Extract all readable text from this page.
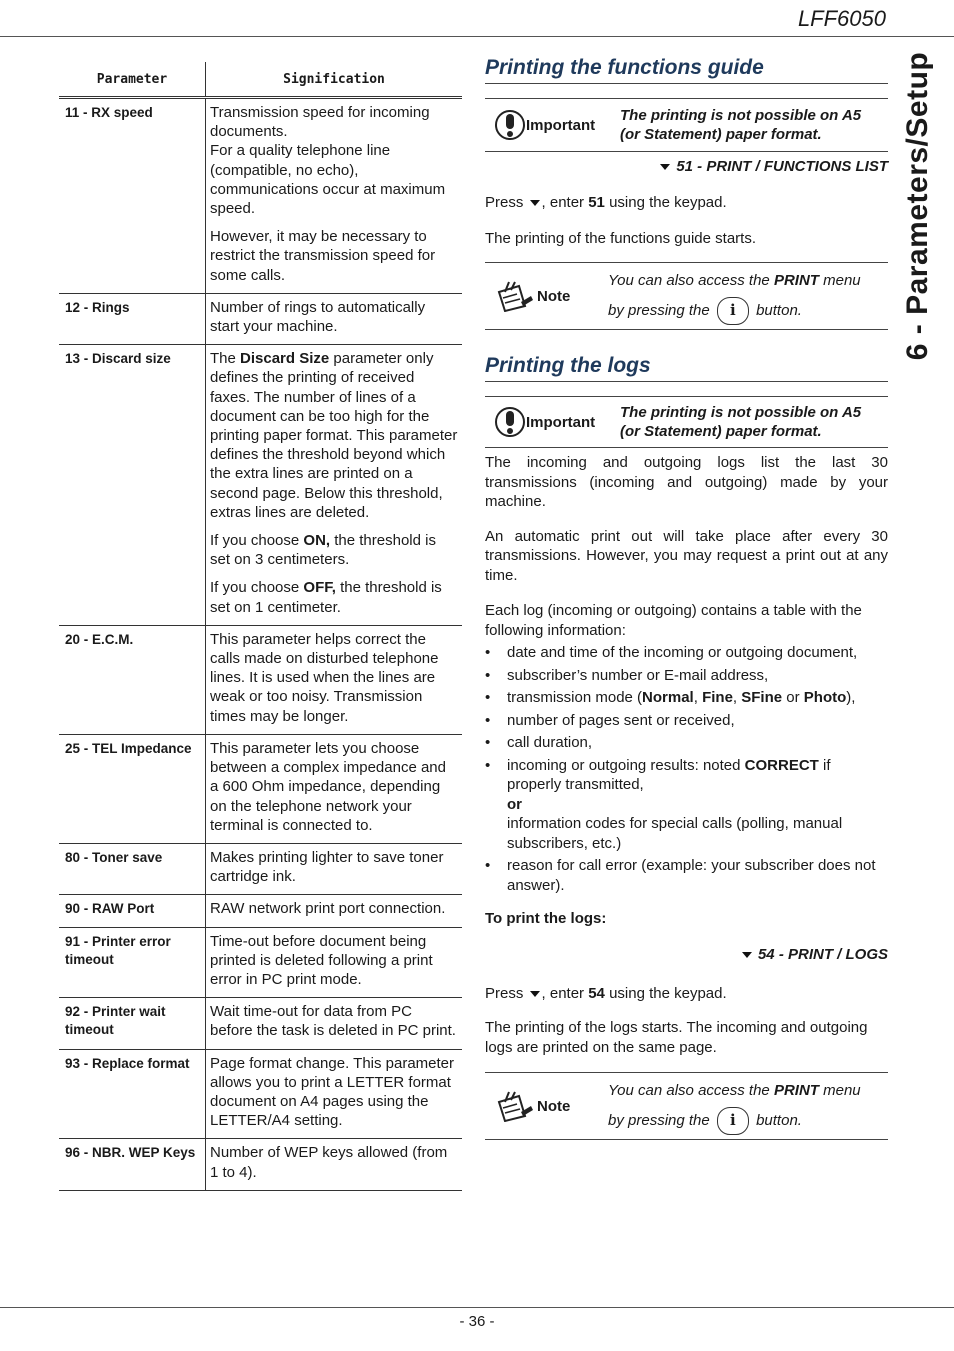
LFF6050
6 - Parameters/Setup
Parameter	Signification
11 - RX speed	Transmission speed for incoming documents.
For a quality telephone line (compatible, no echo), communications occur at maximum speed.

However, it may be necessary to restrict the transmission speed for some calls.

12 - Rings	Number of rings to automatically start your machine.

13 - Discard size	The Discard Size parameter only defines the printing of received faxes. The number of lines of a document can be too high for the printing paper format. This parameter defines the threshold beyond which the extra lines are printed on a second page. Below this threshold, extras lines are deleted.

If you choose ON, the threshold is set on 3 centimeters.

If you choose OFF, the threshold is set on 1 centimeter.

20 - E.C.M.	This parameter helps correct the calls made on disturbed telephone lines. It is used when the lines are weak or too noisy. Transmission times may be longer.

25 - TEL Impedance	This parameter lets you choose between a complex impedance and a 600 Ohm impedance, depending on the telephone network your terminal is connected to.

80 - Toner save	Makes printing lighter to save toner cartridge ink.

90 - RAW Port	RAW network print port connection.

91 - Printer error timeout	Time-out before document being printed is deleted following a print error in PC print mode.

92 - Printer wait timeout	Wait time-out for data from PC before the task is deleted in PC print.

93 - Replace format	Page format change. This parameter allows you to print a LETTER format document on A4 pages using the LETTER/A4 setting.

96 - NBR. WEP Keys	Number of WEP keys allowed (from 1 to 4).

Printing the functions guide
Important
The printing is not possible on A5 (or Statement) paper format.
51 - PRINT / FUNCTIONS LIST
Press , enter 51 using the keypad.
The printing of the functions guide starts.
Note
You can also access the PRINT menu
by pressing the i button.
Printing the logs
Important
The printing is not possible on A5 (or Statement) paper format.
The incoming and outgoing logs list the last 30 transmissions (incoming and outgoing) made by your machine.
An automatic print out will take place after every 30 transmissions. However, you may request a print out at any time.
Each log (incoming or outgoing) contains a table with the following information:
• date and time of the incoming or outgoing document,
• subscriber’s number or E-mail address,
• transmission mode (Normal, Fine, SFine or Photo),
• number of pages sent or received,
• call duration,
• incoming or outgoing results: noted CORRECT if properly transmitted,
or
information codes for special calls (polling, manual subscribers, etc.)
• reason for call error (example: your subscriber does not answer).
To print the logs:
54 - PRINT / LOGS
Press , enter 54 using the keypad.
The printing of the logs starts. The incoming and outgoing logs are printed on the same page.
Note
You can also access the PRINT menu
by pressing the i button.
- 36 -
